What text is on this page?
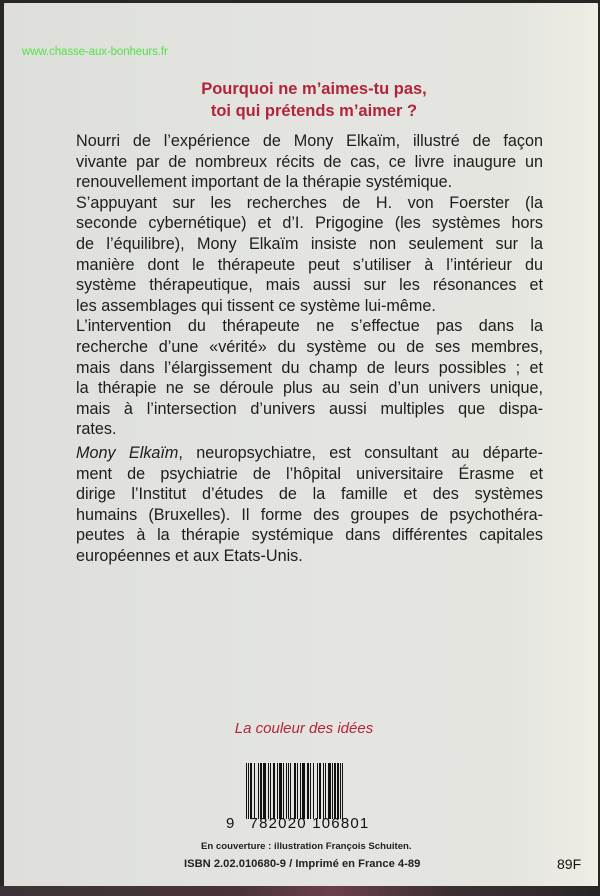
www.chasse-aux-bonheurs.fr
Pourquoi ne m’aimes-tu pas,
toi qui prétends m’aimer ?
Nourri de l’expérience de Mony Elkaïm, illustré de façon
vivante par de nombreux récits de cas, ce livre inaugure un
renouvellement important de la thérapie systémique.
S’appuyant sur les recherches de H. von Foerster (la
seconde cybernétique) et d’I. Prigogine (les systèmes hors
de l’équilibre), Mony Elkaïm insiste non seulement sur la
manière dont le thérapeute peut s’utiliser à l’intérieur du
système thérapeutique, mais aussi sur les résonances et
les assemblages qui tissent ce système lui-même.
L’intervention du thérapeute ne s’effectue pas dans la
recherche d’une «vérité» du système ou de ses membres,
mais dans l’élargissement du champ de leurs possibles ; et
la thérapie ne se déroule plus au sein d’un univers unique,
mais à l’intersection d’univers aussi multiples que dispa-
rates.
Mony Elkaïm, neuropsychiatre, est consultant au départe-
ment de psychiatrie de l’hôpital universitaire Érasme et
dirige l’Institut d’études de la famille et des systèmes
humains (Bruxelles). Il forme des groupes de psychothéra-
peutes à la thérapie systémique dans différentes capitales
européennes et aux Etats-Unis.
La couleur des idées
9 782020 106801
En couverture : illustration François Schuiten.
ISBN 2.02.010680-9 / Imprimé en France 4-89	89F
